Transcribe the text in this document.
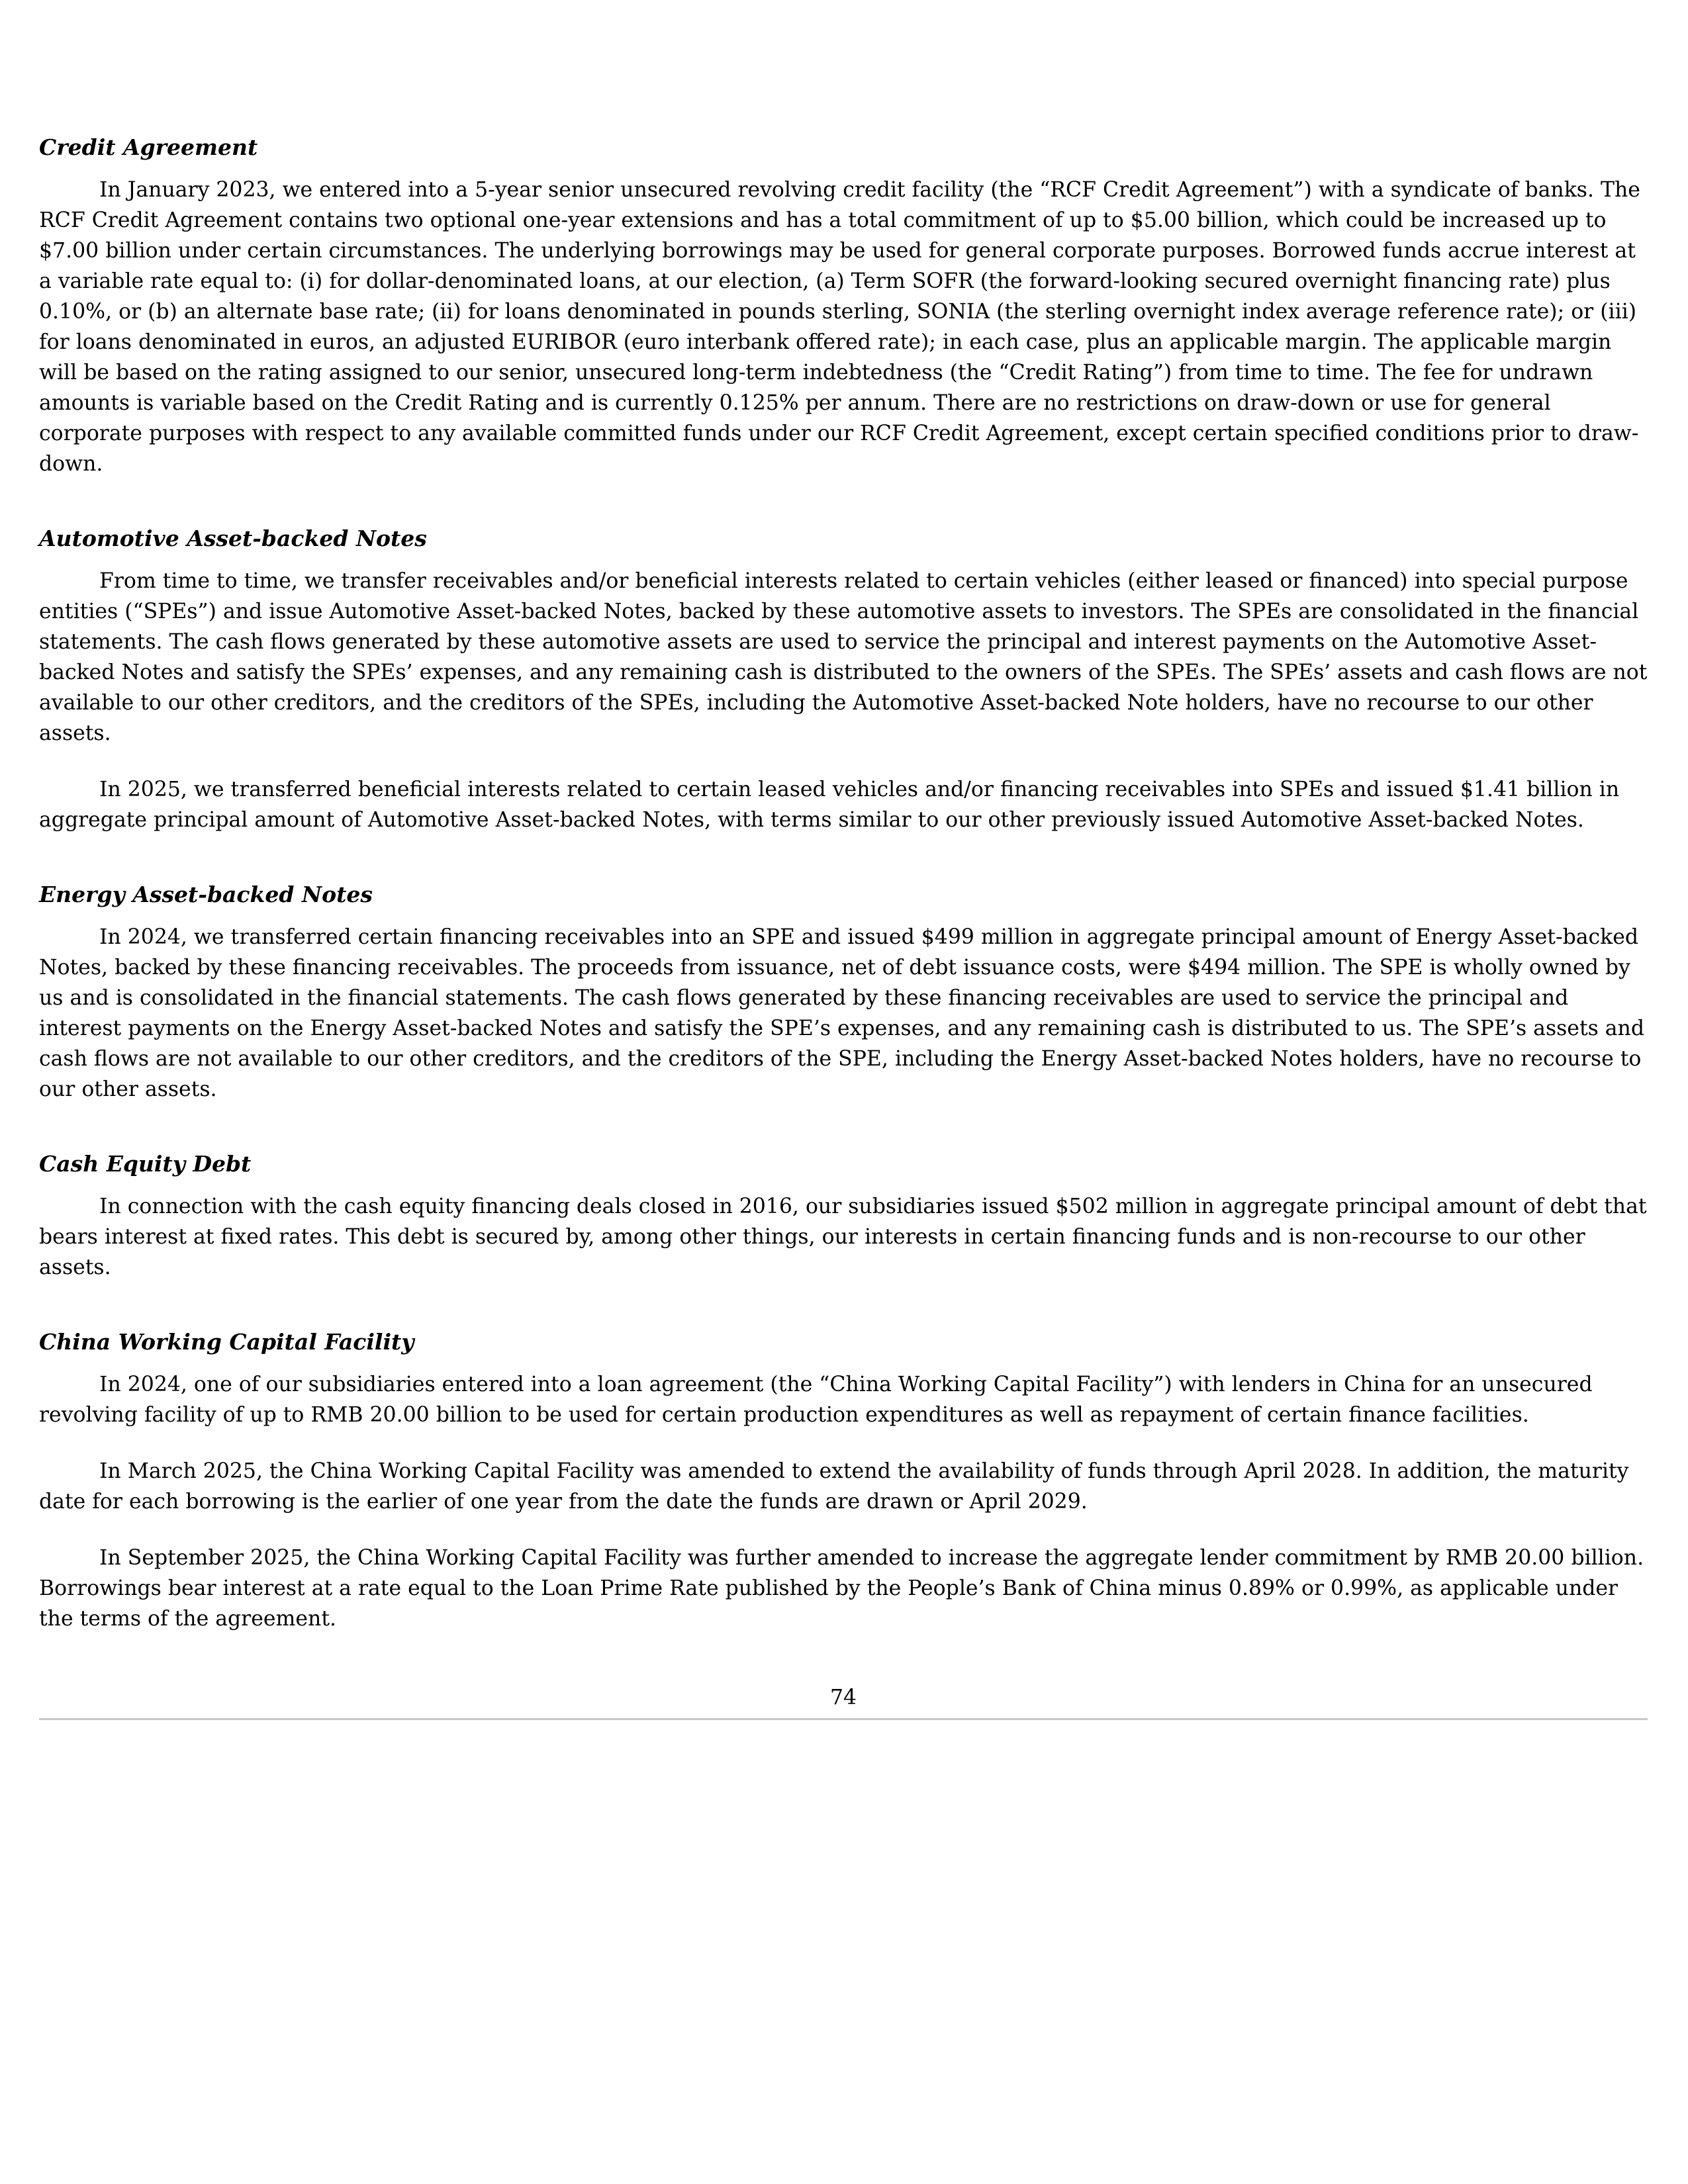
Credit Agreement

In January 2023, we entered into a 5-year senior unsecured revolving credit facility (the “RCF Credit Agreement”) with a syndicate of banks. The RCF Credit Agreement contains two optional one-year extensions and has a total commitment of up to $5.00 billion, which could be increased up to $7.00 billion under certain circumstances. The underlying borrowings may be used for general corporate purposes. Borrowed funds accrue interest at a variable rate equal to: (i) for dollar-denominated loans, at our election, (a) Term SOFR (the forward-looking secured overnight financing rate) plus 0.10%, or (b) an alternate base rate; (ii) for loans denominated in pounds sterling, SONIA (the sterling overnight index average reference rate); or (iii) for loans denominated in euros, an adjusted EURIBOR (euro interbank offered rate); in each case, plus an applicable margin. The applicable margin will be based on the rating assigned to our senior, unsecured long-term indebtedness (the “Credit Rating”) from time to time. The fee for undrawn amounts is variable based on the Credit Rating and is currently 0.125% per annum. There are no restrictions on draw-down or use for general corporate purposes with respect to any available committed funds under our RCF Credit Agreement, except certain specified conditions prior to draw-down.

Automotive Asset-backed Notes

From time to time, we transfer receivables and/or beneficial interests related to certain vehicles (either leased or financed) into special purpose entities (“SPEs”) and issue Automotive Asset-backed Notes, backed by these automotive assets to investors. The SPEs are consolidated in the financial statements. The cash flows generated by these automotive assets are used to service the principal and interest payments on the Automotive Asset-backed Notes and satisfy the SPEs’ expenses, and any remaining cash is distributed to the owners of the SPEs. The SPEs’ assets and cash flows are not available to our other creditors, and the creditors of the SPEs, including the Automotive Asset-backed Note holders, have no recourse to our other assets.

In 2025, we transferred beneficial interests related to certain leased vehicles and/or financing receivables into SPEs and issued $1.41 billion in aggregate principal amount of Automotive Asset-backed Notes, with terms similar to our other previously issued Automotive Asset-backed Notes.

Energy Asset-backed Notes

In 2024, we transferred certain financing receivables into an SPE and issued $499 million in aggregate principal amount of Energy Asset-backed Notes, backed by these financing receivables. The proceeds from issuance, net of debt issuance costs, were $494 million. The SPE is wholly owned by us and is consolidated in the financial statements. The cash flows generated by these financing receivables are used to service the principal and interest payments on the Energy Asset-backed Notes and satisfy the SPE’s expenses, and any remaining cash is distributed to us. The SPE’s assets and cash flows are not available to our other creditors, and the creditors of the SPE, including the Energy Asset-backed Notes holders, have no recourse to our other assets.

Cash Equity Debt

In connection with the cash equity financing deals closed in 2016, our subsidiaries issued $502 million in aggregate principal amount of debt that bears interest at fixed rates. This debt is secured by, among other things, our interests in certain financing funds and is non-recourse to our other assets.

China Working Capital Facility

In 2024, one of our subsidiaries entered into a loan agreement (the “China Working Capital Facility”) with lenders in China for an unsecured revolving facility of up to RMB 20.00 billion to be used for certain production expenditures as well as repayment of certain finance facilities.

In March 2025, the China Working Capital Facility was amended to extend the availability of funds through April 2028. In addition, the maturity date for each borrowing is the earlier of one year from the date the funds are drawn or April 2029.

In September 2025, the China Working Capital Facility was further amended to increase the aggregate lender commitment by RMB 20.00 billion. Borrowings bear interest at a rate equal to the Loan Prime Rate published by the People’s Bank of China minus 0.89% or 0.99%, as applicable under the terms of the agreement.

74
